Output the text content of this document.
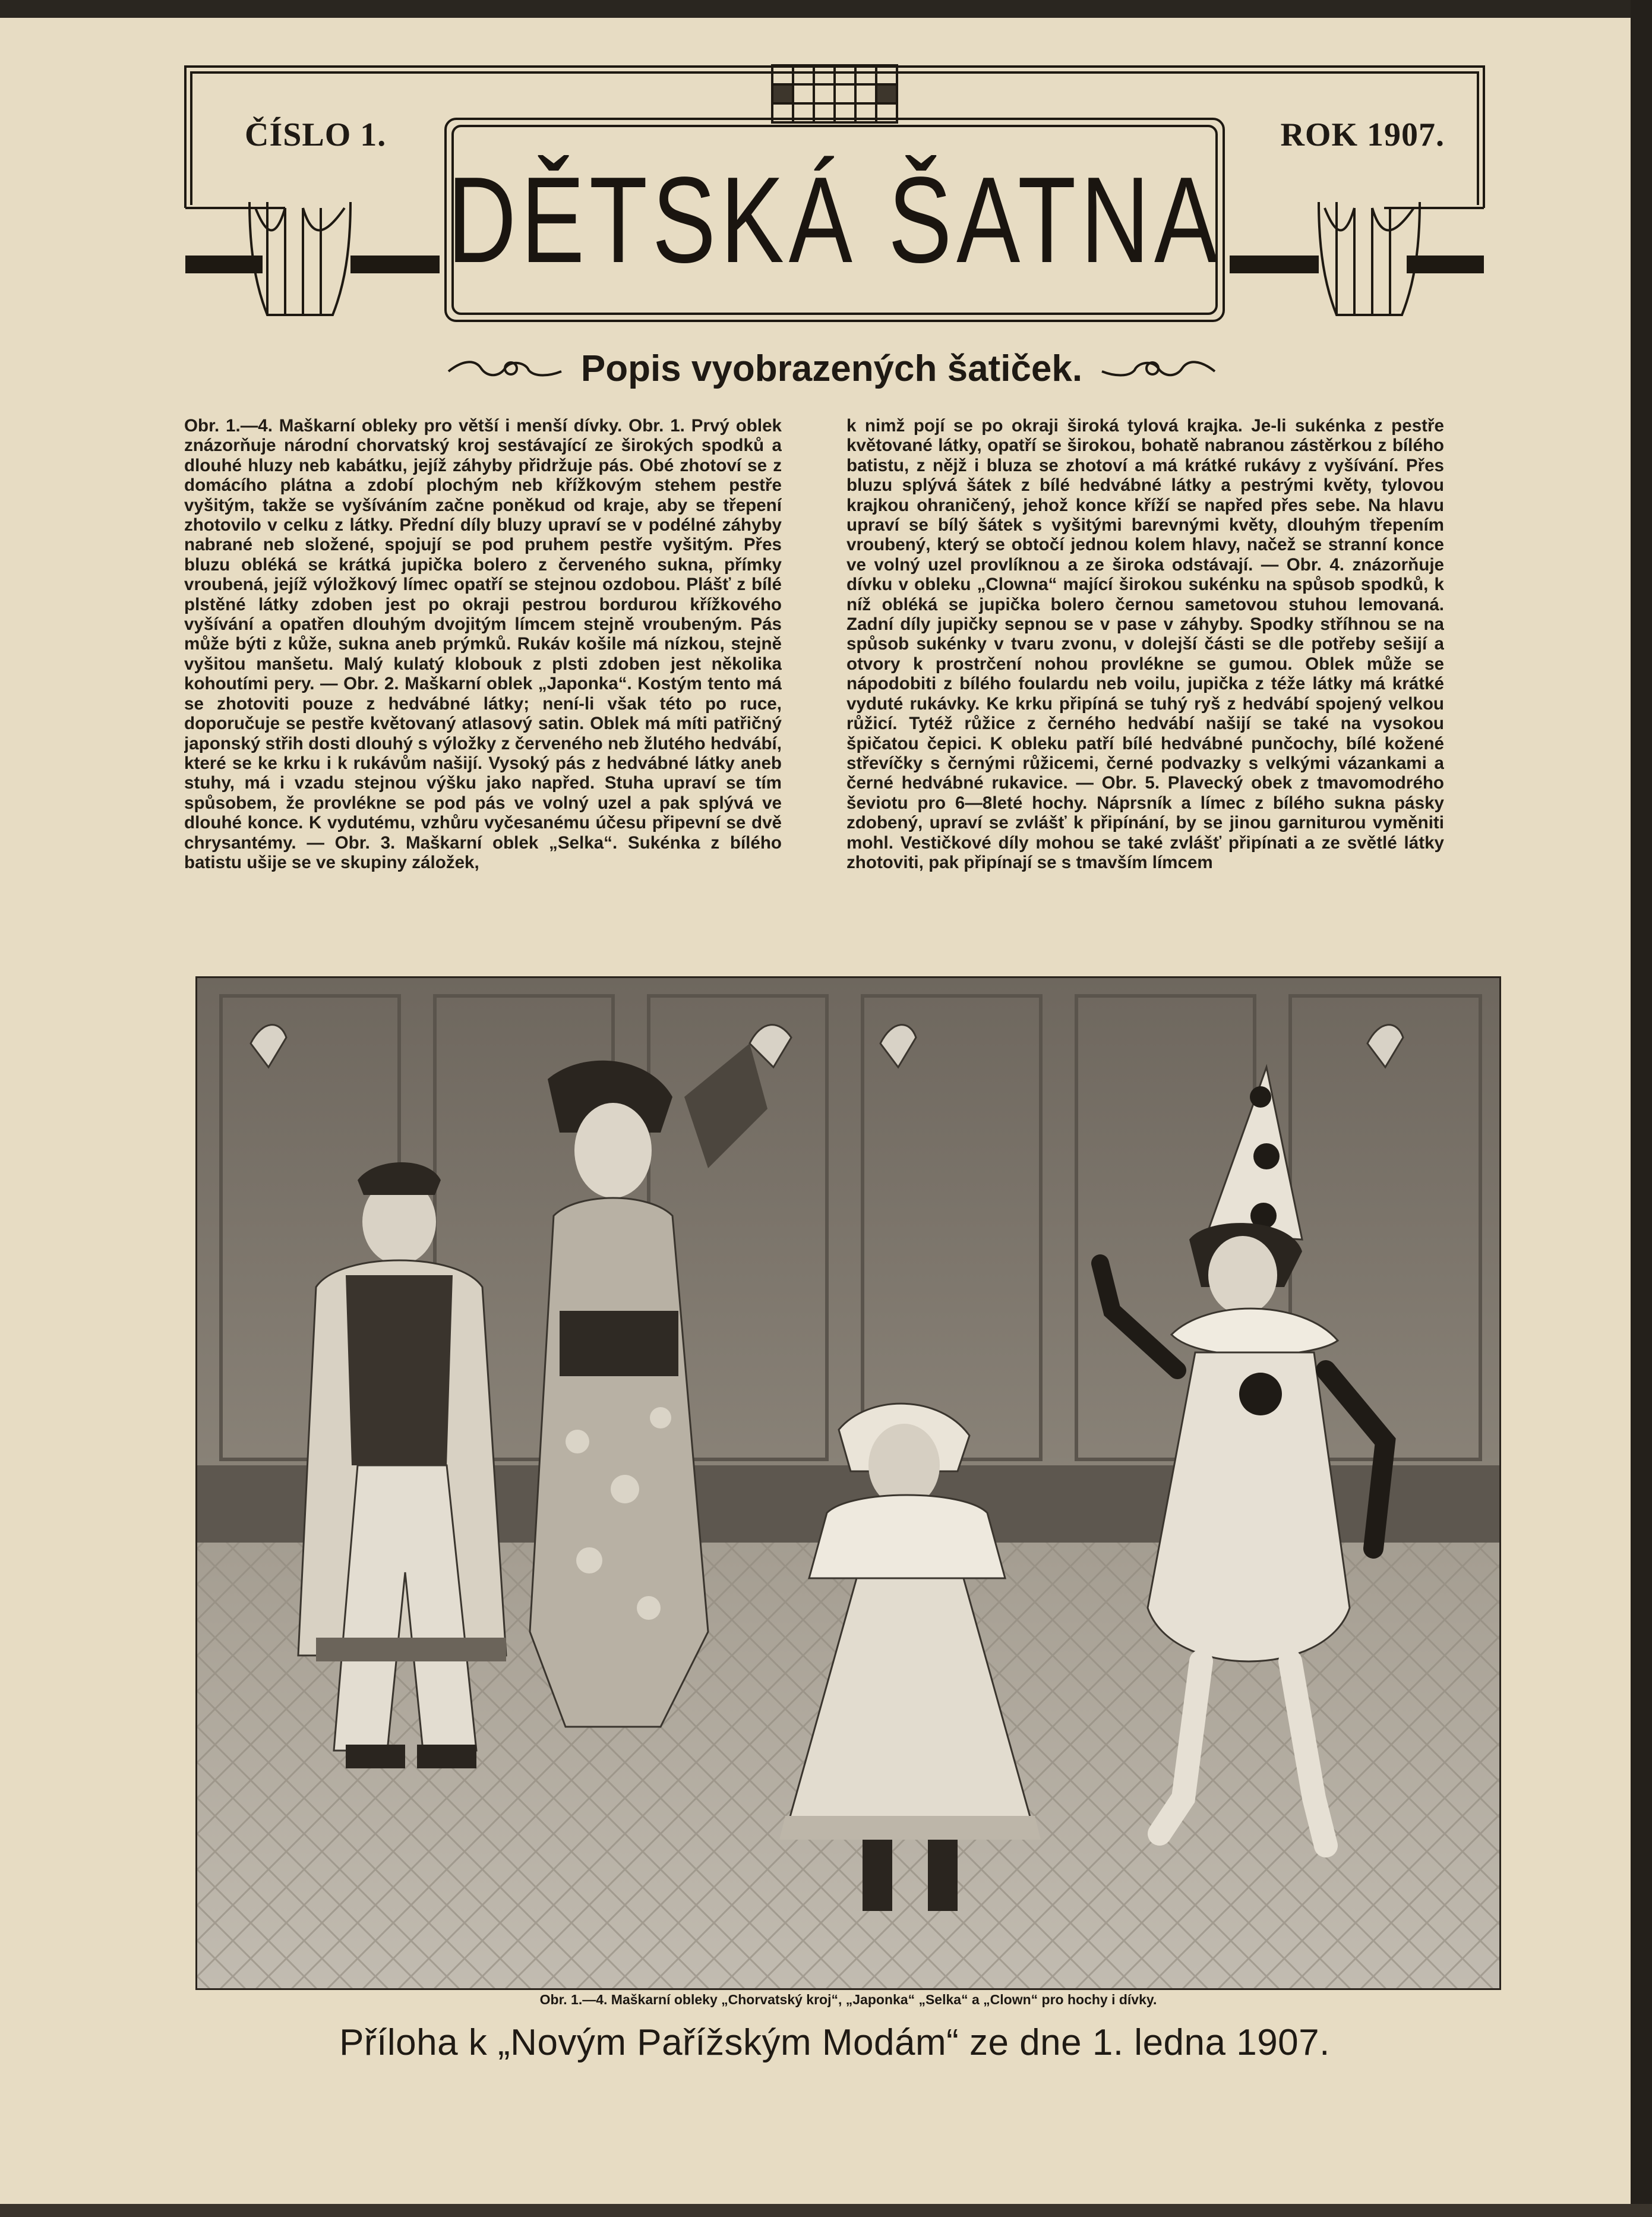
ČÍSLO 1.	ROK 1907.
DĚTSKÁ ŠATNA
Popis vyobrazených šatiček.

Obr. 1.—4. Maškarní obleky pro větší i menší dívky. Obr. 1. Prvý oblek znázorňuje národní chorvatský kroj sestávající ze širokých spodků a dlouhé hluzy neb kabátku, jejíž záhyby přidržuje pás. Obé zhotoví se z domácího plátna a zdobí plochým neb křížkovým stehem pestře vyšitým, takže se vyšíváním začne poněkud od kraje, aby se třepení zhotovilo v celku z látky. Přední díly bluzy upraví se v podélné záhyby nabrané neb složené, spojují se pod pruhem pestře vyšitým. Přes bluzu obléká se krátká jupička bolero z červeného sukna, přímky vroubená, jejíž výložkový límec opatří se stejnou ozdobou. Plášť z bílé plstěné látky zdoben jest po okraji pestrou bordurou křížkového vyšívání a opatřen dlouhým dvojitým límcem stejně vroubeným. Pás může býti z kůže, sukna aneb prýmků. Rukáv košile má nízkou, stejně vyšitou manšetu. Malý kulatý klobouk z plsti zdoben jest několika kohoutími pery. — Obr. 2. Maškarní oblek „Japonka“. Kostým tento má se zhotoviti pouze z hedvábné látky; není-li však této po ruce, doporučuje se pestře květovaný atlasový satin. Oblek má míti patřičný japonský střih dosti dlouhý s výložky z červeného neb žlutého hedvábí, které se ke krku i k rukávům našijí. Vysoký pás z hedvábné látky aneb stuhy, má i vzadu stejnou výšku jako napřed. Stuha upraví se tím spůsobem, že provlékne se pod pás ve volný uzel a pak splývá ve dlouhé konce. K vydutému, vzhůru vyčesanému účesu připevní se dvě chrysantémy. — Obr. 3. Maškarní oblek „Selka“. Sukénka z bílého batistu ušije se ve skupiny záložek,

k nimž pojí se po okraji široká tylová krajka. Je-li sukénka z pestře květované látky, opatří se širokou, bohatě nabranou zástěrkou z bílého batistu, z nějž i bluza se zhotoví a má krátké rukávy z vyšívání. Přes bluzu splývá šátek z bílé hedvábné látky a pestrými květy, tylovou krajkou ohraničený, jehož konce kříží se napřed přes sebe. Na hlavu upraví se bílý šátek s vyšitými barevnými květy, dlouhým třepením vroubený, který se obtočí jednou kolem hlavy, načež se stranní konce ve volný uzel provlíknou a ze široka odstávají. — Obr. 4. znázorňuje dívku v obleku „Clowna“ mající širokou sukénku na spůsob spodků, k níž obléká se jupička bolero černou sametovou stuhou lemovaná. Zadní díly jupičky sepnou se v pase v záhyby. Spodky stříhnou se na spůsob sukénky v tvaru zvonu, v dolejší části se dle potřeby sešijí a otvory k prostrčení nohou provlékne se gumou. Oblek může se nápodobiti z bílého foulardu neb voilu, jupička z téže látky má krátké vyduté rukávky. Ke krku připíná se tuhý ryš z hedvábí spojený velkou růžicí. Tytéž růžice z černého hedvábí našijí se také na vysokou špičatou čepici. K obleku patří bílé hedvábné punčochy, bílé kožené střevíčky s černými růžicemi, černé podvazky s velkými vázankami a černé hedvábné rukavice. — Obr. 5. Plavecký obek z tmavomodrého ševiotu pro 6—8leté hochy. Náprsník a límec z bílého sukna pásky zdobený, upraví se zvlášť k připínání, by se jinou garniturou vyměniti mohl. Vestičkové díly mohou se také zvlášť připínati a ze světlé látky zhotoviti, pak připínají se s tmavším límcem

Obr. 1.—4. Maškarní obleky „Chorvatský kroj“, „Japonka“ „Selka“ a „Clown“ pro hochy i dívky.
Příloha k „Novým Pařížským Modám“ ze dne 1. ledna 1907.
